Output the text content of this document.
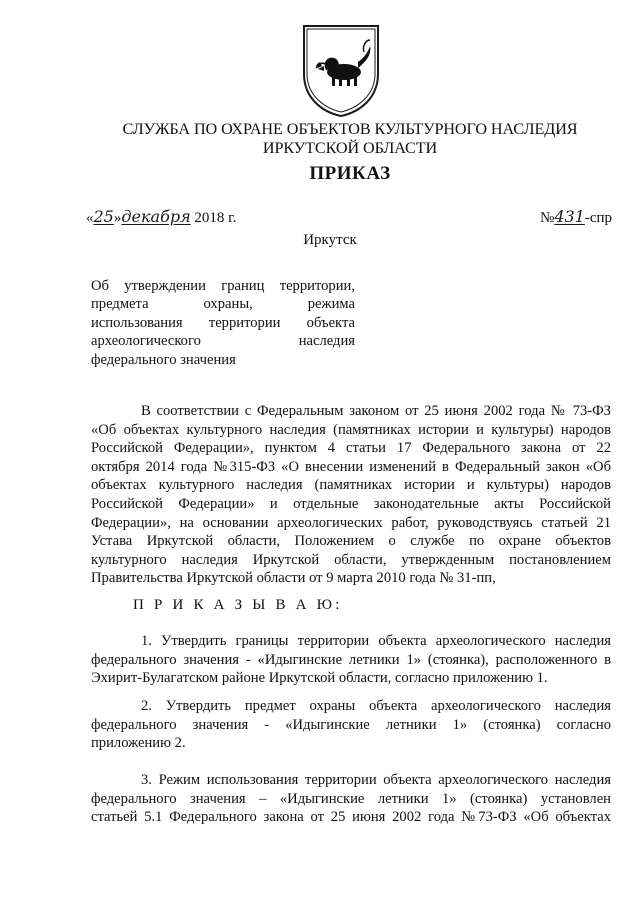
СЛУЖБА ПО ОХРАНЕ ОБЪЕКТОВ КУЛЬТУРНОГО НАСЛЕДИЯ
ИРКУТСКОЙ ОБЛАСТИ
ПРИКАЗ
«25»декабря 2018 г.	№431-спр
Иркутск
Об утверждении границ территории,
предмета охраны, режима
использования территории объекта
археологического наследия
федерального значения
В соответствии с Федеральным законом от 25 июня 2002 года № 73-ФЗ
«Об объектах культурного наследия (памятниках истории и культуры) народов
Российской Федерации», пунктом 4 статьи 17 Федерального закона от 22
октября 2014 года №315-ФЗ «О внесении изменений в Федеральный закон «Об
объектах культурного наследия (памятниках истории и культуры) народов
Российской Федерации» и отдельные законодательные акты Российской
Федерации», на основании археологических работ, руководствуясь статьей 21
Устава Иркутской области, Положением о службе по охране объектов
культурного наследия Иркутской области, утвержденным постановлением
Правительства Иркутской области от 9 марта 2010 года № 31-пп,
П Р И К А З Ы В А Ю:
1. Утвердить границы территории объекта археологического наследия
федерального значения - «Идыгинские летники 1» (стоянка), расположенного в
Эхирит-Булагатском районе Иркутской области, согласно приложению 1.
2. Утвердить предмет охраны объекта археологического наследия
федерального значения - «Идыгинские летники 1» (стоянка) согласно
приложению 2.
3. Режим использования территории объекта археологического наследия
федерального значения – «Идыгинские летники 1» (стоянка) установлен
статьей 5.1 Федерального закона от 25 июня 2002 года №73-ФЗ «Об объектах
